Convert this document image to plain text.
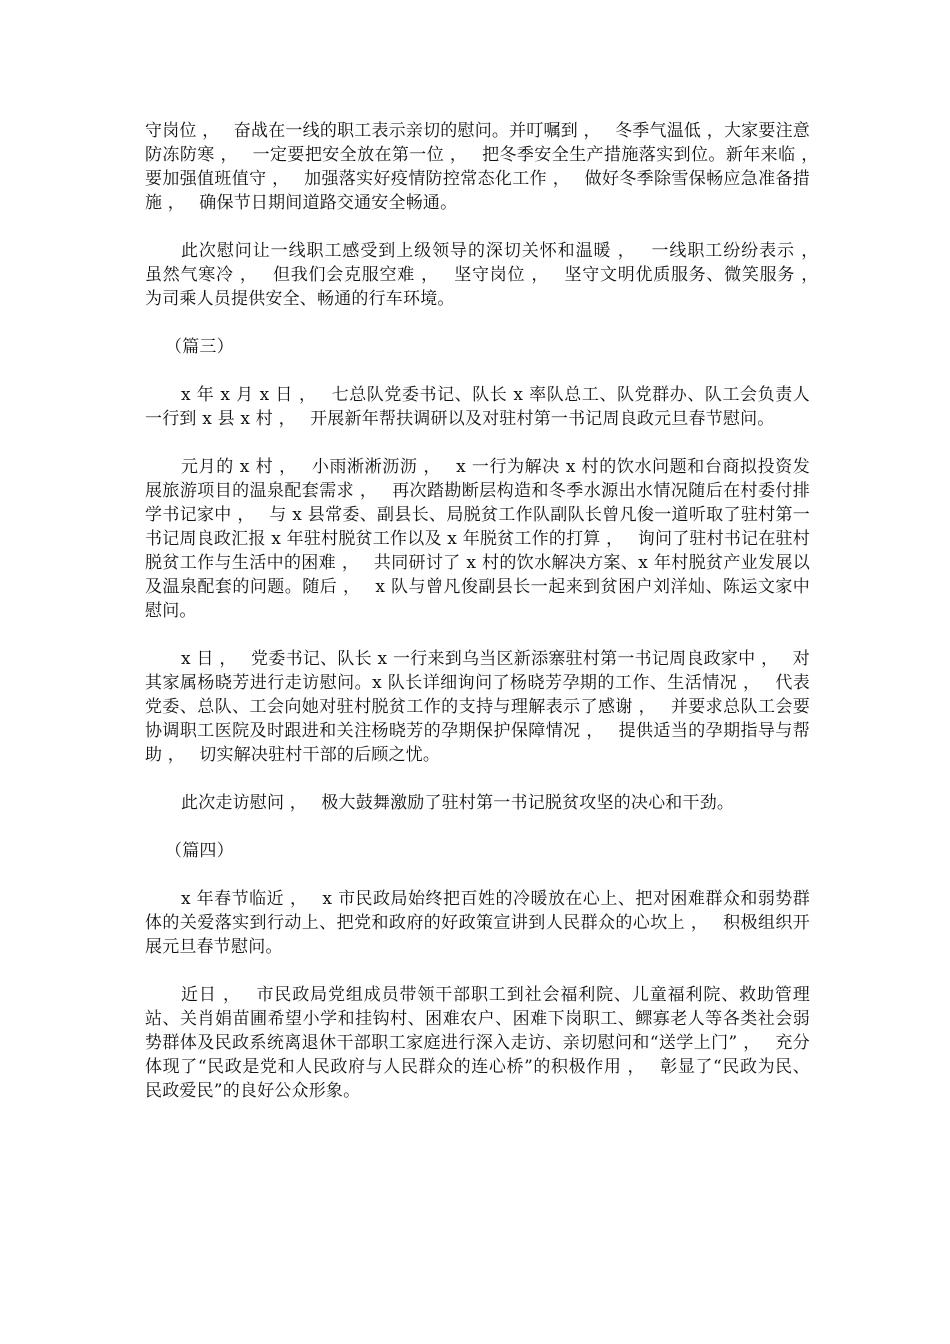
守岗位 ，　 奋战在一线的职工表示亲切的慰问。并叮嘱到 ，　 冬季气温低 ，大家要注意防冻防寒 ，　 一定要把安全放在第一位 ，　 把冬季安全生产措施落实到位。新年来临 ，　 要加强值班值守 ，　 加强落实好疫情防控常态化工作 ，　 做好冬季除雪保畅应急准备措施 ，　 确保节日期间道路交通安全畅通。

此次慰问让一线职工感受到上级领导的深切关怀和温暖 ，　 一线职工纷纷表示 ，　 虽然气寒冷 ，　 但我们会克服空难 ，　 坚守岗位 ，　 坚守文明优质服务、微笑服务 ，　 为司乘人员提供安全、畅通的行车环境。

（篇三）

x 年 x 月 x 日 ，　 七总队党委书记、队长 x 率队总工、队党群办、队工会负责人一行到 x 县 x 村 ，　 开展新年帮扶调研以及对驻村第一书记周良政元旦春节慰问。

元月的 x 村 ，　 小雨淅淅沥沥 ，　 x 一行为解决 x 村的饮水问题和台商拟投资发展旅游项目的温泉配套需求 ，　 再次踏勘断层构造和冬季水源出水情况随后在村委付排学书记家中 ，　 与 x 县常委、副县长、局脱贫工作队副队长曾凡俊一道听取了驻村第一书记周良政汇报 x 年驻村脱贫工作以及 x 年脱贫工作的打算 ，　 询问了驻村书记在驻村脱贫工作与生活中的困难 ，　 共同研讨了 x 村的饮水解决方案、x 年村脱贫产业发展以及温泉配套的问题。随后 ，　 x 队与曾凡俊副县长一起来到贫困户刘洋灿、陈运文家中慰问。

x 日 ，　 党委书记、队长 x 一行来到乌当区新添寨驻村第一书记周良政家中 ，　 对其家属杨晓芳进行走访慰问。x 队长详细询问了杨晓芳孕期的工作、生活情况 ，　 代表党委、总队、工会向她对驻村脱贫工作的支持与理解表示了感谢 ，　 并要求总队工会要协调职工医院及时跟进和关注杨晓芳的孕期保护保障情况 ，　 提供适当的孕期指导与帮助 ，　 切实解决驻村干部的后顾之忧。

此次走访慰问 ，　 极大鼓舞激励了驻村第一书记脱贫攻坚的决心和干劲。

（篇四）

x 年春节临近 ，　 x 市民政局始终把百姓的冷暖放在心上、把对困难群众和弱势群体的关爱落实到行动上、把党和政府的好政策宣讲到人民群众的心坎上 ，　 积极组织开展元旦春节慰问。

近日 ，　 市民政局党组成员带领干部职工到社会福利院、儿童福利院、救助管理站、关肖娟苗圃希望小学和挂钩村、困难农户、困难下岗职工、鳏寡老人等各类社会弱势群体及民政系统离退休干部职工家庭进行深入走访、亲切慰问和“送学上门” ，　 充分体现了“民政是党和人民政府与人民群众的连心桥”的积极作用 ，　 彰显了“民政为民、民政爱民”的良好公众形象。
